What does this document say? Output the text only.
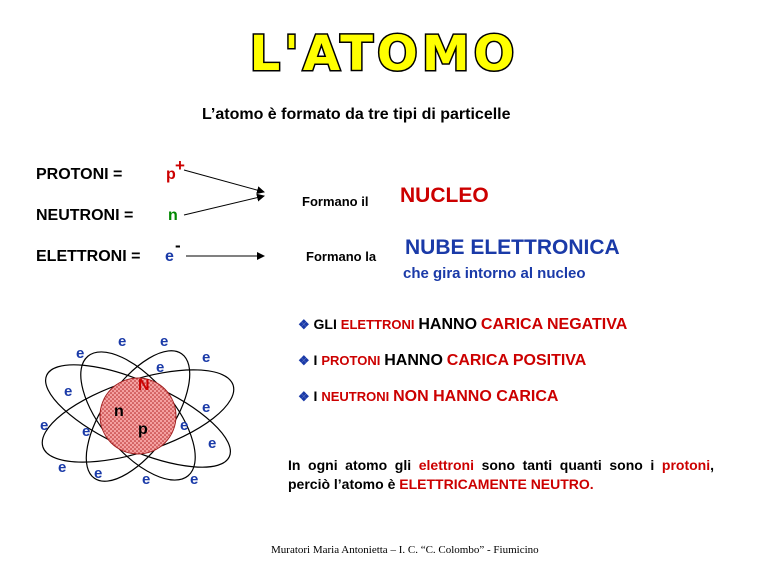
L'ATOMO
L’atomo è formato da tre tipi di particelle
PROTONI =	p +
NEUTRONI = n
ELETTRONI = e
-
Formano il NUCLEO
Formano la NUBE ELETTRONICA
che gira intorno al nucleo
❖ GLI ELETTRONI HANNO CARICA NEGATIVA
❖ I PROTONI HANNO CARICA POSITIVA
❖ I NEUTRONI NON HANNO CARICA
In ogni atomo gli elettroni sono tanti quanti sono i protoni, perciò l’atomo è ELETTRICAMENTE NEUTRO.
n
p
N
e e
e
e
e
e
e
e e	e
e
e e	e	e
Muratori Maria Antonietta – I. C. “C. Colombo” - Fiumicino
